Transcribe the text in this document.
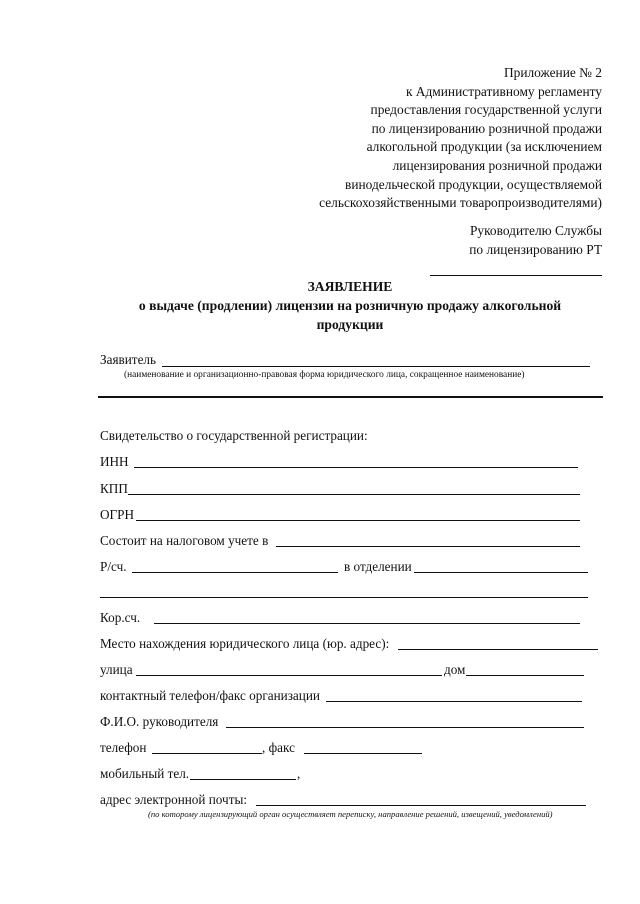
Приложение № 2
к Административному регламенту
предоставления государственной услуги
по лицензированию розничной продажи
алкогольной продукции (за исключением
лицензирования розничной продажи
винодельческой продукции, осуществляемой
сельскохозяйственными товаропроизводителями)
Руководителю Службы
по лицензированию РТ
ЗАЯВЛЕНИЕ
о выдаче (продлении) лицензии на розничную продажу алкогольной
продукции
Заявитель
(наименование и организационно-правовая форма юридического лица, сокращенное наименование)
Свидетельство о государственной регистрации:
ИНН
КПП
ОГРН
Состоит на налоговом учете в
Р/сч.	в отделении
Кор.сч.
Место нахождения юридического лица (юр. адрес):
улица	дом
контактный телефон/факс организации
Ф.И.О. руководителя
телефон	, факс
мобильный тел.	,
адрес электронной почты:
(по которому лицензирующий орган осуществляет переписку, направление решений, извещений, уведомлений)
